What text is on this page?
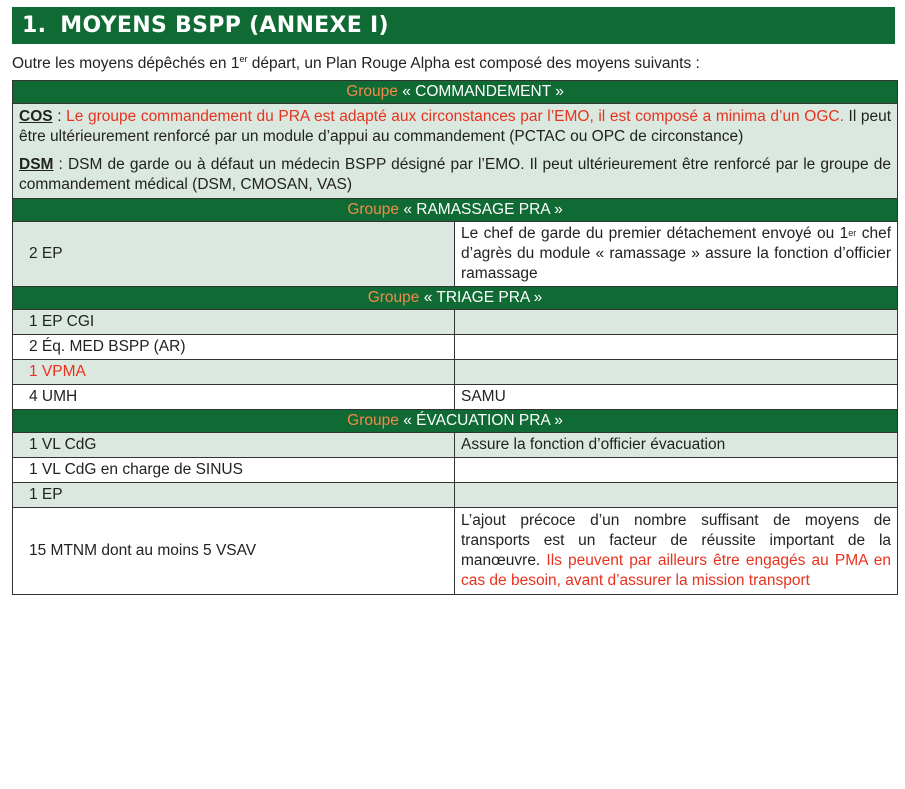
1. MOYENS BSPP (ANNEXE I)
Outre les moyens dépêchés en 1er départ, un Plan Rouge Alpha est composé des moyens suivants :
Groupe « COMMANDEMENT »	

COS : Le groupe commandement du PRA est adapté aux circonstances par l’EMO, il est composé a minima d’un OGC. Il peut être ultérieurement renforcé par un module d’appui au commandement (PCTAC ou OPC de circonstance)
DSM : DSM de garde ou à défaut un médecin BSPP désigné par l’EMO. Il peut ultérieurement être renforcé par le groupe de commandement médical (DSM, CMOSAN, VAS)	

Groupe « RAMASSAGE PRA »	
2 EP	Le chef de garde du premier détachement envoyé ou 1er chef d’agrès du module « ramassage » assure la fonction d’officier ramassage
Groupe « TRIAGE PRA »	
1 EP CGI	
2 Éq. MED BSPP (AR)	
1 VPMA	
4 UMH	SAMU
Groupe « ÉVACUATION PRA »	
1 VL CdG	Assure la fonction d’officier évacuation
1 VL CdG en charge de SINUS	
1 EP	
15 MTNM dont au moins 5 VSAV	L’ajout précoce d’un nombre suffisant de moyens de transports est un facteur de réussite important de la manœuvre. Ils peuvent par ailleurs être engagés au PMA en cas de besoin, avant d’assurer la mission transport
